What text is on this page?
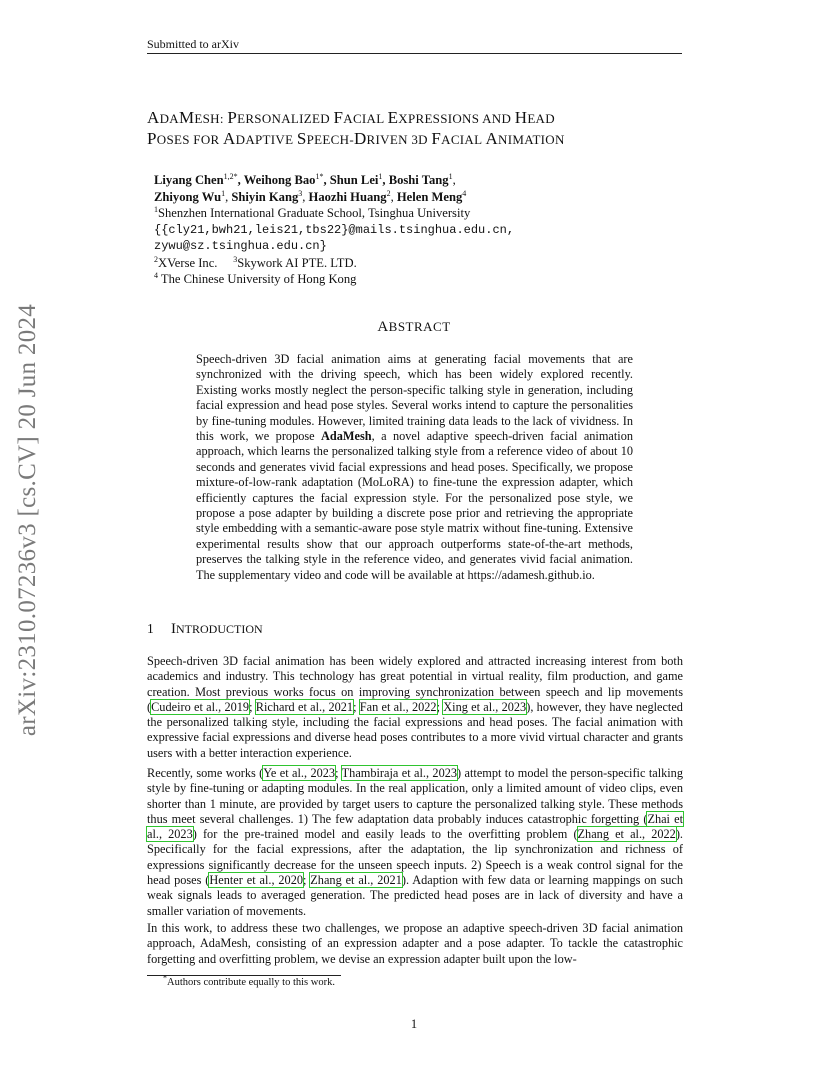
Submitted to arXiv
arXiv:2310.07236v3 [cs.CV] 20 Jun 2024
ADAMESH: PERSONALIZED FACIAL EXPRESSIONS AND HEAD
POSES FOR ADAPTIVE SPEECH-DRIVEN 3D FACIAL ANIMATION
Liyang Chen$^{1,2*}$, Weihong Bao$^{1*}$, Shun Lei$^1$, Boshi Tang$^1$,
Zhiyong Wu$^1$, Shiyin Kang$^3$, Haozhi Huang$^2$, Helen Meng$^4$
$^1$Shenzhen International Graduate School, Tsinghua University
{{cly21,bwh21,leis21,tbs22}@mails.tsinghua.edu.cn,
zywu@sz.tsinghua.edu.cn}
$^2$XVerse Inc. $^3$Skywork AI PTE. LTD.
$^4$ The Chinese University of Hong Kong
ABSTRACT
Speech-driven 3D facial animation aims at generating facial movements that are synchronized with the driving speech, which has been widely explored recently. Existing works mostly neglect the person-specific talking style in generation, including facial expression and head pose styles. Several works intend to capture the personalities by fine-tuning modules. However, limited training data leads to the lack of vividness. In this work, we propose AdaMesh, a novel adaptive speech-driven facial animation approach, which learns the personalized talking style from a reference video of about 10 seconds and generates vivid facial expressions and head poses. Specifically, we propose mixture-of-low-rank adaptation (MoLoRA) to fine-tune the expression adapter, which efficiently captures the facial expression style. For the personalized pose style, we propose a pose adapter by building a discrete pose prior and retrieving the appropriate style embedding with a semantic-aware pose style matrix without fine-tuning. Extensive experimental results show that our approach outperforms state-of-the-art methods, preserves the talking style in the reference video, and generates vivid facial animation. The supplementary video and code will be available at https://adamesh.github.io.
1 INTRODUCTION
Speech-driven 3D facial animation has been widely explored and attracted increasing interest from both academics and industry. This technology has great potential in virtual reality, film production, and game creation. Most previous works focus on improving synchronization between speech and lip movements (Cudeiro et al., 2019; Richard et al., 2021; Fan et al., 2022; Xing et al., 2023), however, they have neglected the personalized talking style, including the facial expressions and head poses. The facial animation with expressive facial expressions and diverse head poses contributes to a more vivid virtual character and grants users with a better interaction experience.
Recently, some works (Ye et al., 2023; Thambiraja et al., 2023) attempt to model the person-specific talking style by fine-tuning or adapting modules. In the real application, only a limited amount of video clips, even shorter than 1 minute, are provided by target users to capture the personalized talking style. These methods thus meet several challenges. 1) The few adaptation data probably induces catastrophic forgetting (Zhai et al., 2023) for the pre-trained model and easily leads to the overfitting problem (Zhang et al., 2022). Specifically for the facial expressions, after the adaptation, the lip synchronization and richness of expressions significantly decrease for the unseen speech inputs. 2) Speech is a weak control signal for the head poses (Henter et al., 2020; Zhang et al., 2021). Adaption with few data or learning mappings on such weak signals leads to averaged generation. The predicted head poses are in lack of diversity and have a smaller variation of movements.
In this work, to address these two challenges, we propose an adaptive speech-driven 3D facial animation approach, AdaMesh, consisting of an expression adapter and a pose adapter. To tackle the catastrophic forgetting and overfitting problem, we devise an expression adapter built upon the low-
*Authors contribute equally to this work.
1
